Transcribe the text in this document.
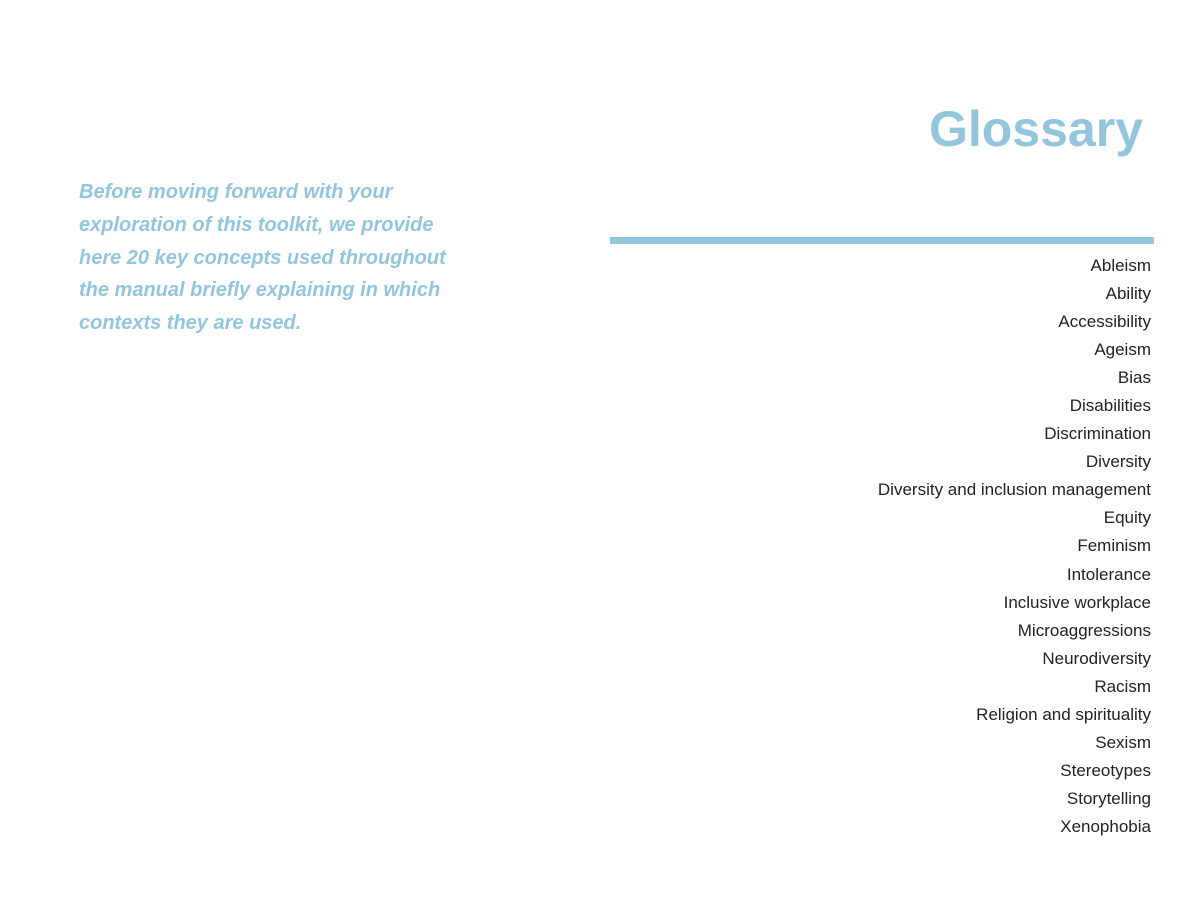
Before moving forward with your exploration of this toolkit, we provide here 20 key concepts used throughout the manual briefly explaining in which contexts they are used.

Glossary
Ableism
Ability
Accessibility
Ageism
Bias
Disabilities
Discrimination
Diversity
Diversity and inclusion management
Equity
Feminism
Intolerance
Inclusive workplace
Microaggressions
Neurodiversity
Racism
Religion and spirituality
Sexism
Stereotypes
Storytelling
Xenophobia
